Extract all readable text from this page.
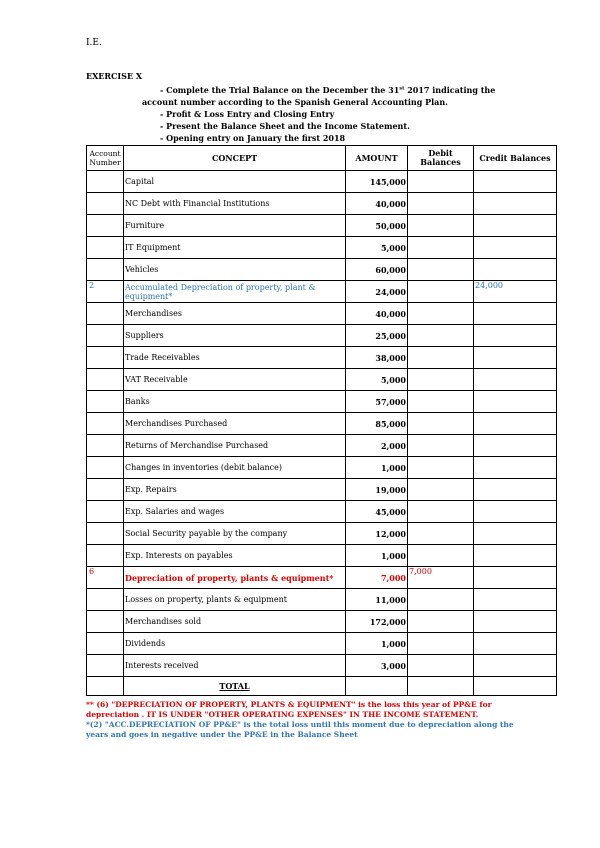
I.E.
EXERCISE X
- Complete the Trial Balance on the December the 31st 2017 indicating the
account number according to the Spanish General Accounting Plan.
- Profit & Loss Entry and Closing Entry
- Present the Balance Sheet and the Income Statement.
- Opening entry on January the first 2018
Account Number	CONCEPT	AMOUNT	Debit Balances	Credit Balances
	Capital	145,000		
	NC Debt with Financial Institutions	40,000		
	Furniture	50,000		
	IT Equipment	5,000		
	Vehicles	60,000		
2	Accumulated Depreciation of property, plant & equipment*	24,000		24,000
	Merchandises	40,000		
	Suppliers	25,000		
	Trade Receivables	38,000		
	VAT Receivable	5,000		
	Banks	57,000		
	Merchandises Purchased	85,000		
	Returns of Merchandise Purchased	2,000		
	Changes in inventories (debit balance)	1,000		
	Exp. Repairs	19,000		
	Exp. Salaries and wages	45,000		
	Social Security payable by the company	12,000		
	Exp. Interests on payables	1,000		
6	Depreciation of property, plants & equipment*	7,000	7,000	
	Losses on property, plants & equipment	11,000		
	Merchandises sold	172,000		
	Dividends	1,000		
	Interests received	3,000		
	TOTAL			
** (6) "DEPRECIATION OF PROPERTY, PLANTS & EQUIPMENT" is the loss this year of PP&E for depreciation . IT IS UNDER "OTHER OPERATING EXPENSES" IN THE INCOME STATEMENT.
*(2) "ACC.DEPRECIATION OF PP&E" is the total loss until this moment due to depreciation along the years and goes in negative under the PP&E in the Balance Sheet
